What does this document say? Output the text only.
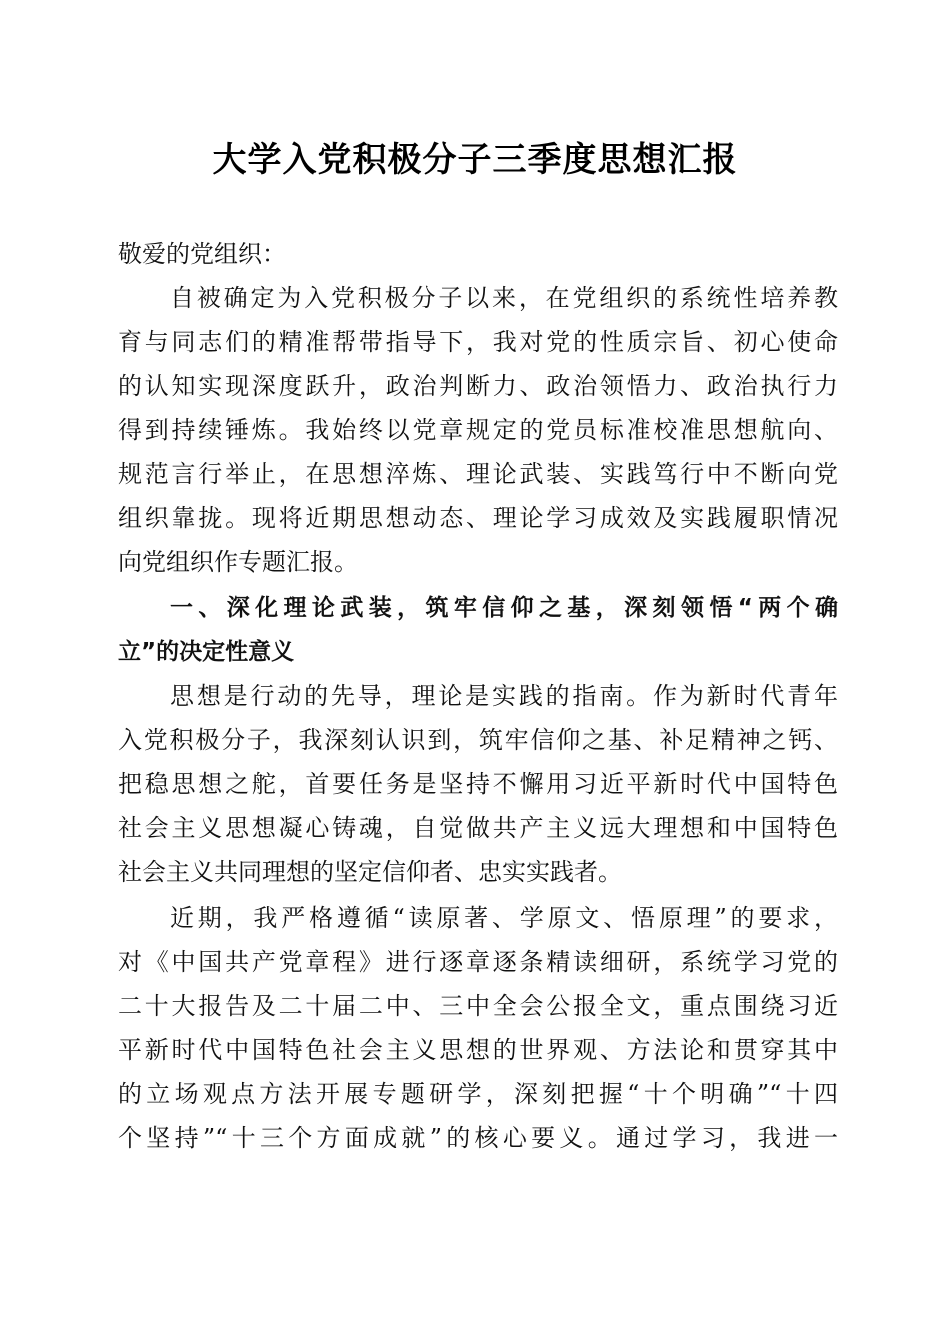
大学入党积极分子三季度思想汇报
敬爱的党组织：
自被确定为入党积极分子以来，在党组织的系统性培养教
育与同志们的精准帮带指导下，我对党的性质宗旨、初心使命
的认知实现深度跃升，政治判断力、政治领悟力、政治执行力
得到持续锤炼。我始终以党章规定的党员标准校准思想航向、
规范言行举止，在思想淬炼、理论武装、实践笃行中不断向党
组织靠拢。现将近期思想动态、理论学习成效及实践履职情况
向党组织作专题汇报。
一、深化理论武装，筑牢信仰之基，深刻领悟“两个确
立”的决定性意义
思想是行动的先导，理论是实践的指南。作为新时代青年
入党积极分子，我深刻认识到，筑牢信仰之基、补足精神之钙、
把稳思想之舵，首要任务是坚持不懈用习近平新时代中国特色
社会主义思想凝心铸魂，自觉做共产主义远大理想和中国特色
社会主义共同理想的坚定信仰者、忠实实践者。
近期，我严格遵循“读原著、学原文、悟原理”的要求，
对《中国共产党章程》进行逐章逐条精读细研，系统学习党的
二十大报告及二十届二中、三中全会公报全文，重点围绕习近
平新时代中国特色社会主义思想的世界观、方法论和贯穿其中
的立场观点方法开展专题研学，深刻把握“十个明确”“十四
个坚持”“十三个方面成就”的核心要义。通过学习，我进一
